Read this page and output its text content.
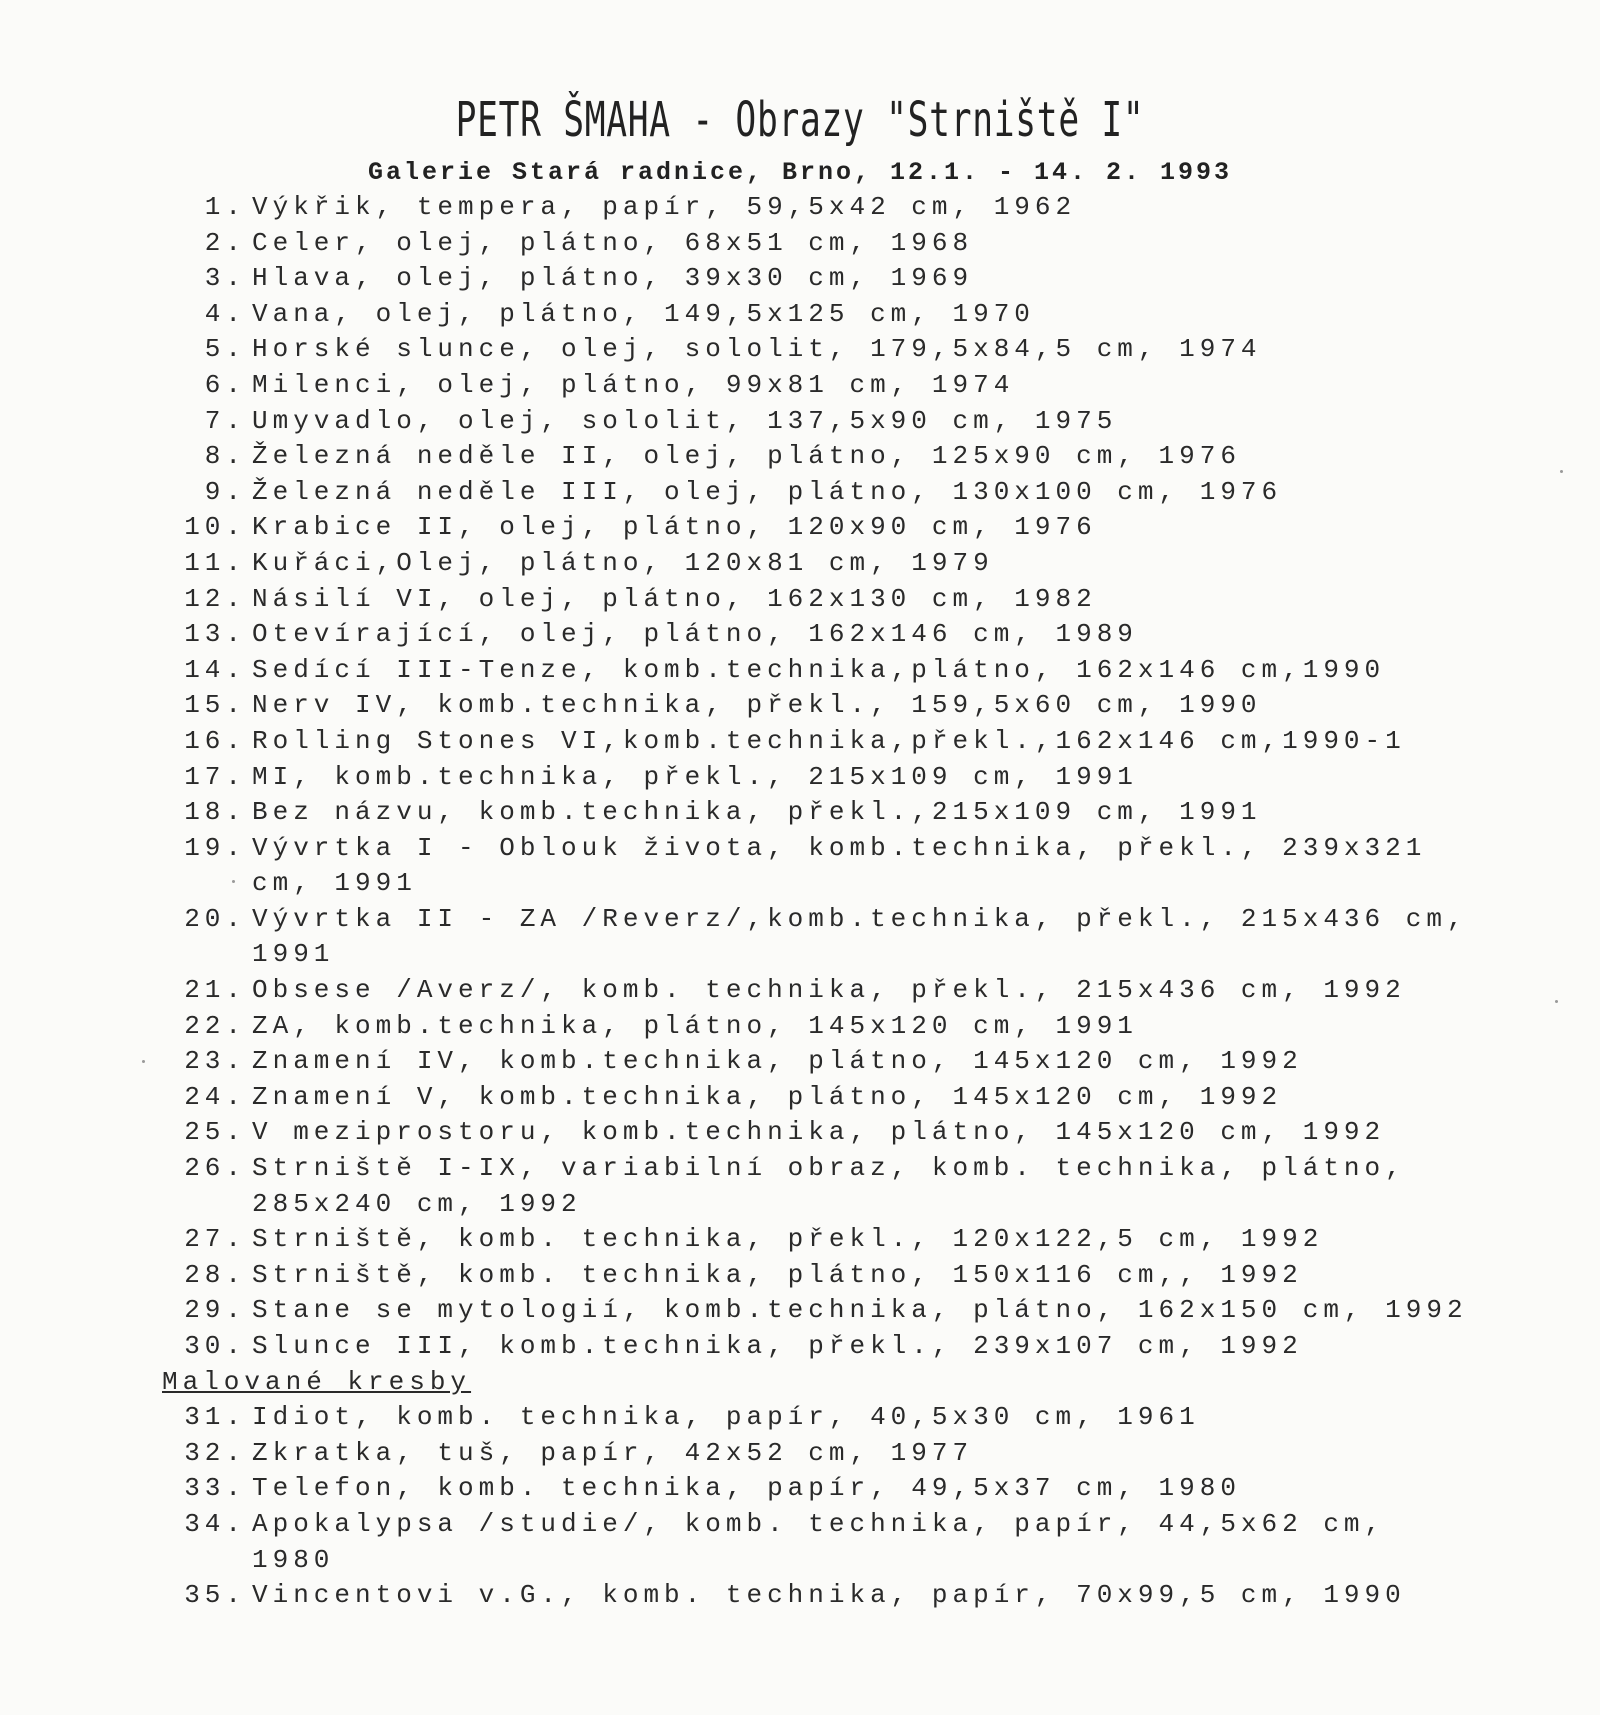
PETR ŠMAHA - Obrazy "Strniště I"
Galerie Stará radnice, Brno, 12.1. - 14. 2. 1993
1. Výkřik, tempera, papír, 59,5x42 cm, 1962
2. Celer, olej, plátno, 68x51 cm, 1968
3. Hlava, olej, plátno, 39x30 cm, 1969
4. Vana, olej, plátno, 149,5x125 cm, 1970
5. Horské slunce, olej, sololit, 179,5x84,5 cm, 1974
6. Milenci, olej, plátno, 99x81 cm, 1974
7. Umyvadlo, olej, sololit, 137,5x90 cm, 1975
8. Železná neděle II, olej, plátno, 125x90 cm, 1976
9. Železná neděle III, olej, plátno, 130x100 cm, 1976
10. Krabice II, olej, plátno, 120x90 cm, 1976
11. Kuřáci,Olej, plátno, 120x81 cm, 1979
12. Násilí VI, olej, plátno, 162x130 cm, 1982
13. Otevírající, olej, plátno, 162x146 cm, 1989
14. Sedící III-Tenze, komb.technika,plátno, 162x146 cm,1990
15. Nerv IV, komb.technika, překl., 159,5x60 cm, 1990
16. Rolling Stones VI,komb.technika,překl.,162x146 cm,1990-1
17. MI, komb.technika, překl., 215x109 cm, 1991
18. Bez názvu, komb.technika, překl.,215x109 cm, 1991
19. Vývrtka I - Oblouk života, komb.technika, překl., 239x321 cm, 1991
20. Vývrtka II - ZA /Reverz/,komb.technika, překl., 215x436 cm, 1991
21. Obsese /Averz/, komb. technika, překl., 215x436 cm, 1992
22. ZA, komb.technika, plátno, 145x120 cm, 1991
23. Znamení IV, komb.technika, plátno, 145x120 cm, 1992
24. Znamení V, komb.technika, plátno, 145x120 cm, 1992
25. V meziprostoru, komb.technika, plátno, 145x120 cm, 1992
26. Strniště I-IX, variabilní obraz, komb. technika, plátno, 285x240 cm, 1992
27. Strniště, komb. technika, překl., 120x122,5 cm, 1992
28. Strniště, komb. technika, plátno, 150x116 cm,, 1992
29. Stane se mytologií, komb.technika, plátno, 162x150 cm, 1992
30. Slunce III, komb.technika, překl., 239x107 cm, 1992
Malované kresby
31. Idiot, komb. technika, papír, 40,5x30 cm, 1961
32. Zkratka, tuš, papír, 42x52 cm, 1977
33. Telefon, komb. technika, papír, 49,5x37 cm, 1980
34. Apokalypsa /studie/, komb. technika, papír, 44,5x62 cm, 1980
35. Vincentovi v.G., komb. technika, papír, 70x99,5 cm, 1990
